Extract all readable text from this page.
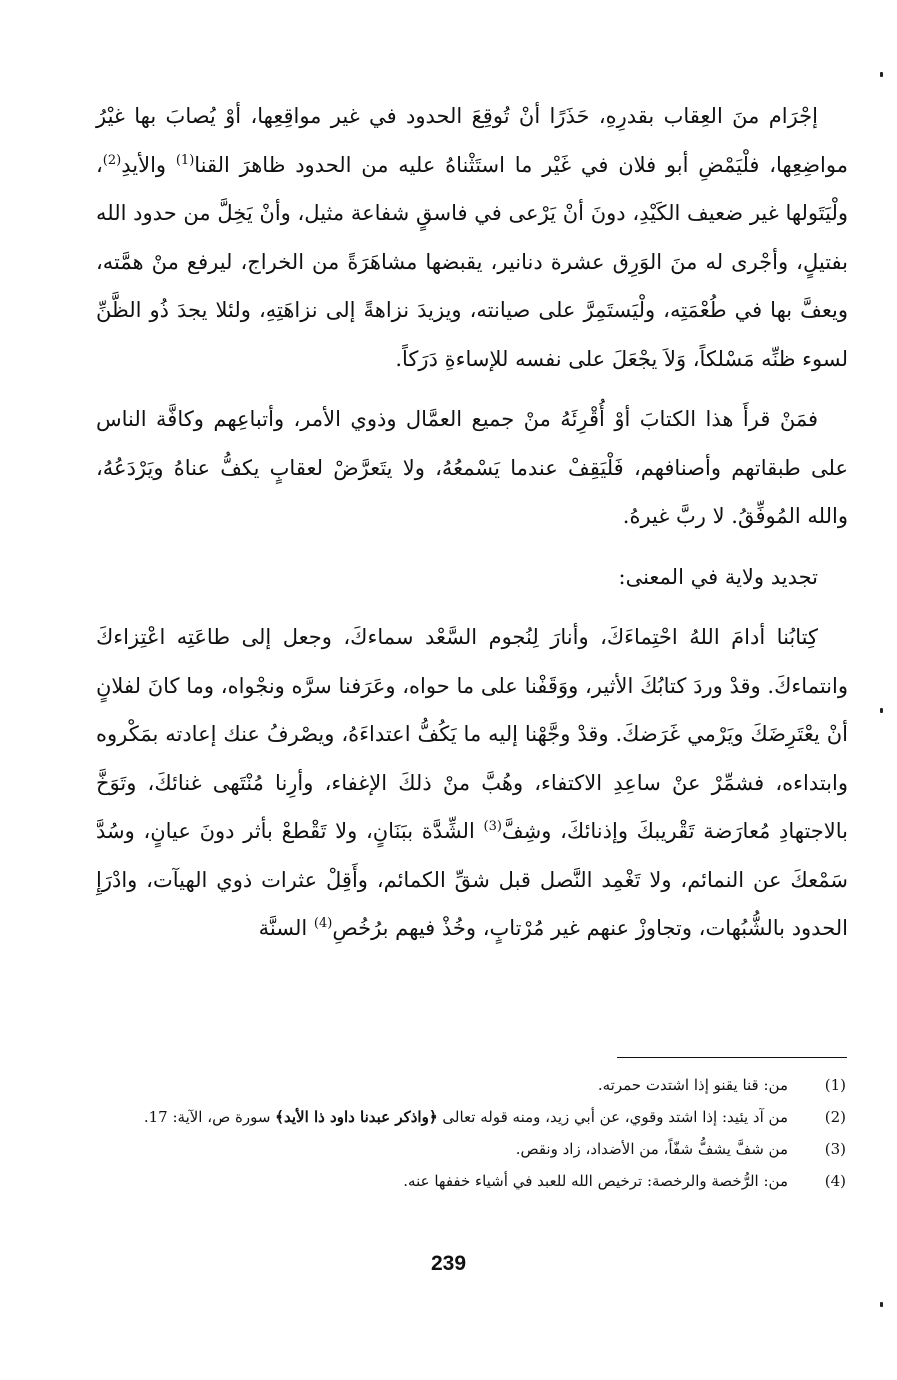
إجْرَام منَ العِقاب بقدرِهِ، حَذَرًا أنْ تُوقِعَ الحدود في غير مواقِعِها، أوْ يُصابَ بها غيْرُ مواضِعِها، فلْيَمْضِ أبو فلان في غَيْر ما استَثْناهُ عليه من الحدود ظاهرَ القنا$^{(1)}$ والأيدِ$^{(2)}$، ولْيَتَولها غير ضعيف الكَيْدِ، دونَ أنْ يَرْعى في فاسقٍ شفاعة مثيل، وأنْ يَخِلَّ من حدود الله بفتيلٍ، وأجْرى له منَ الوَرِق عشرة دنانير، يقبضها مشاهَرَةً من الخراج، ليرفع منْ همَّته، ويعفَّ بها في طُعْمَتِه، ولْيَستَمِرَّ على صيانته، ويزيدَ نزاهةً إلى نزاهَتِهِ، ولئلا يجدَ ذُو الظَّنِّ لسوء ظنِّه مَسْلكاً، وَلاَ يجْعَلَ على نفسه للإساءةِ دَرَكاً.

فمَنْ قرأَ هذا الكتابَ أوْ أُقْرِئَهُ منْ جميع العمَّال وذوي الأمر، وأتباعِهم وكافَّة الناس على طبقاتهم وأصنافهم، فَلْيَقِفْ عندما يَسْمعُهُ، ولا يتَعرَّضْ لعقابٍ يكفُّ عناهُ ويَرْدَعُهُ، والله المُوفِّقُ. لا ربَّ غيرهُ.

تجديد ولاية في المعنى:

كِتابُنا أدامَ اللهُ احْتِماءَكَ، وأنارَ لِنُجوم السَّعْد سماءكَ، وجعل إلى طاعَتِه اعْتِزاءكَ وانتماءكَ. وقدْ وردَ كتابُكَ الأثير، ووَقَفْنا على ما حواه، وعَرَفنا سرَّه ونجْواه، وما كانَ لفلانٍ أنْ يعْتَرِضَكَ ويَرْمي غَرَضكَ. وقدْ وجَّهْنا إليه ما يَكُفُّ اعتداءَهُ، ويصْرفُ عنك إعادته بمَكْروه وابتداءه، فشمِّرْ عنْ ساعِدِ الاكتفاء، وهُبَّ منْ ذلكَ الإغفاء، وأرِنا مُنْتَهى غنائكَ، وتَوَخَّ بالاجتهادِ مُعارَضة تَقْريبكَ وإذنائكَ، وشِفَّ$^{(3)}$ الشِّدَّة ببَنَانٍ، ولا تَقْطعْ بأثر دونَ عيانٍ، وسُدَّ سَمْعكَ عن النمائم، ولا تَغْمِد النَّصل قبل شقِّ الكمائم، وأَقِلْ عثرات ذوي الهيآت، وادْرَإِ الحدود بالشُّبُهات، وتجاوزْ عنهم غير مُرْتابٍ، وخُذْ فيهم برُخُصِ$^{(4)}$ السنَّة

(1)
من: قنا يقنو إذا اشتدت حمرته.
(2)
من آد يئيد: إذا اشتد وقوي، عن أبي زيد، ومنه قوله تعالى ﴿واذكر عبدنا داود ذا الأيد﴾ سورة ص، الآية: 17.
(3)
من شفَّ يشفُّ شفّاً، من الأضداد، زاد ونقص.
(4)
من: الرُّخصة والرخصة: ترخيص الله للعبد في أشياء خففها عنه.
239
